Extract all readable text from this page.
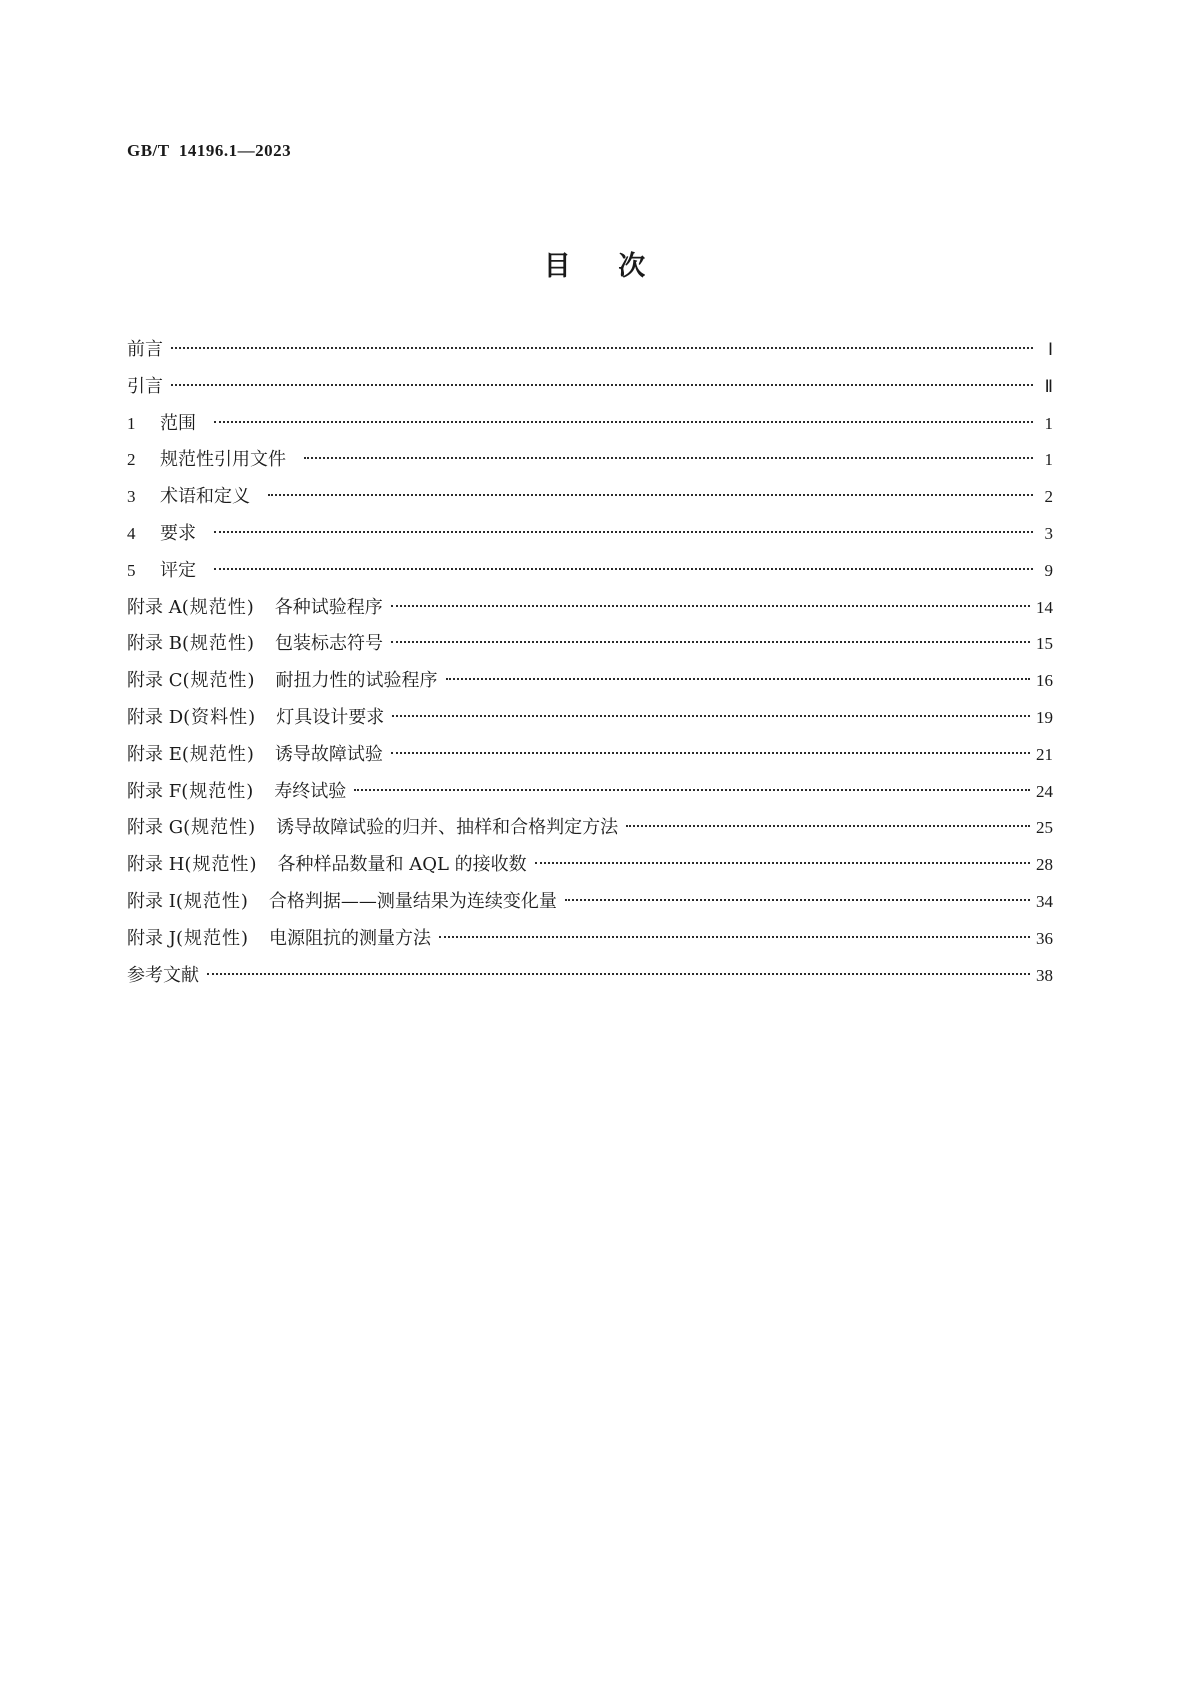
GB/T  14196.1—2023
目    次
前言	Ⅰ
引言	Ⅱ
1	范围	1
2	规范性引用文件	1
3	术语和定义	2
4	要求	3
5	评定	9
附录 A (规范性) 各种试验程序	14
附录 B (规范性) 包装标志符号	15
附录 C (规范性) 耐扭力性的试验程序	16
附录 D (资料性) 灯具设计要求	19
附录 E (规范性) 诱导故障试验	21
附录 F (规范性) 寿终试验	24
附录 G (规范性) 诱导故障试验的归并、抽样和合格判定方法	25
附录 H (规范性) 各种样品数量和 AQL 的接收数	28
附录 I (规范性) 合格判据——测量结果为连续变化量	34
附录 J (规范性) 电源阻抗的测量方法	36
参考文献	38
